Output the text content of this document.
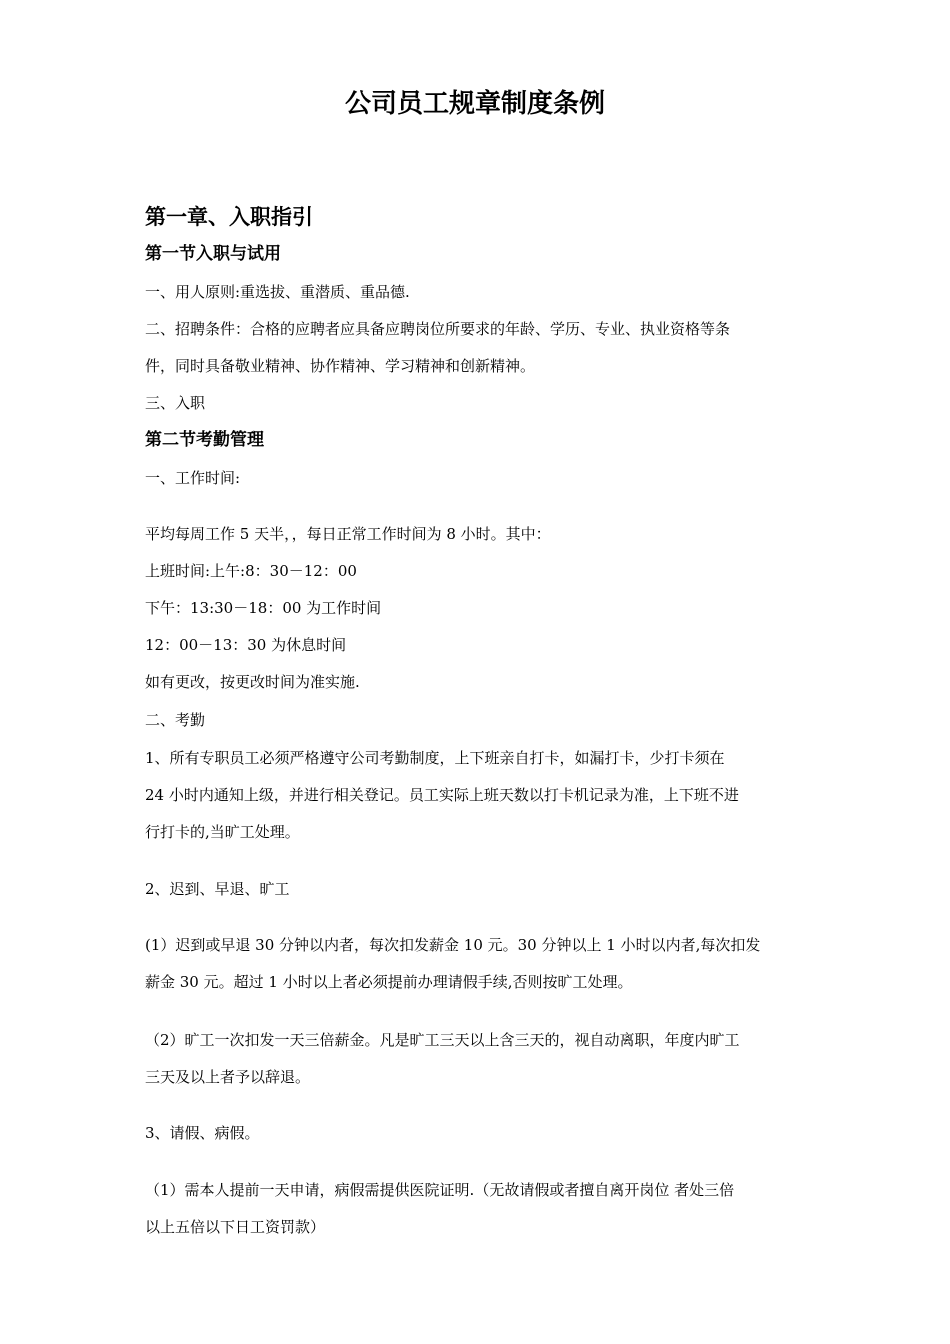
公司员工规章制度条例
第一章、入职指引
第一节入职与试用

一、用人原则:重选拔、重潜质、重品德.

二、招聘条件：合格的应聘者应具备应聘岗位所要求的年龄、学历、专业、执业资格等条

件，同时具备敬业精神、协作精神、学习精神和创新精神。

三、入职

第二节考勤管理

一、工作时间:

平均每周工作 5 天半，，每日正常工作时间为 8 小时。其中：

上班时间:上午:8：30－12：00

下午：13:30－18：00 为工作时间

12：00－13：30 为休息时间

如有更改，按更改时间为准实施.

二、考勤

1、所有专职员工必须严格遵守公司考勤制度，上下班亲自打卡，如漏打卡，少打卡须在

24 小时内通知上级，并进行相关登记。员工实际上班天数以打卡机记录为准，上下班不进

行打卡的,当旷工处理。

2、迟到、早退、旷工

(1）迟到或早退 30 分钟以内者，每次扣发薪金 10 元。30 分钟以上 1 小时以内者,每次扣发

薪金 30 元。超过 1 小时以上者必须提前办理请假手续,否则按旷工处理。

（2）旷工一次扣发一天三倍薪金。凡是旷工三天以上含三天的，视自动离职，年度内旷工

三天及以上者予以辞退。

3、请假、病假。

（1）需本人提前一天申请，病假需提供医院证明.（无故请假或者擅自离开岗位 者处三倍

以上五倍以下日工资罚款）
